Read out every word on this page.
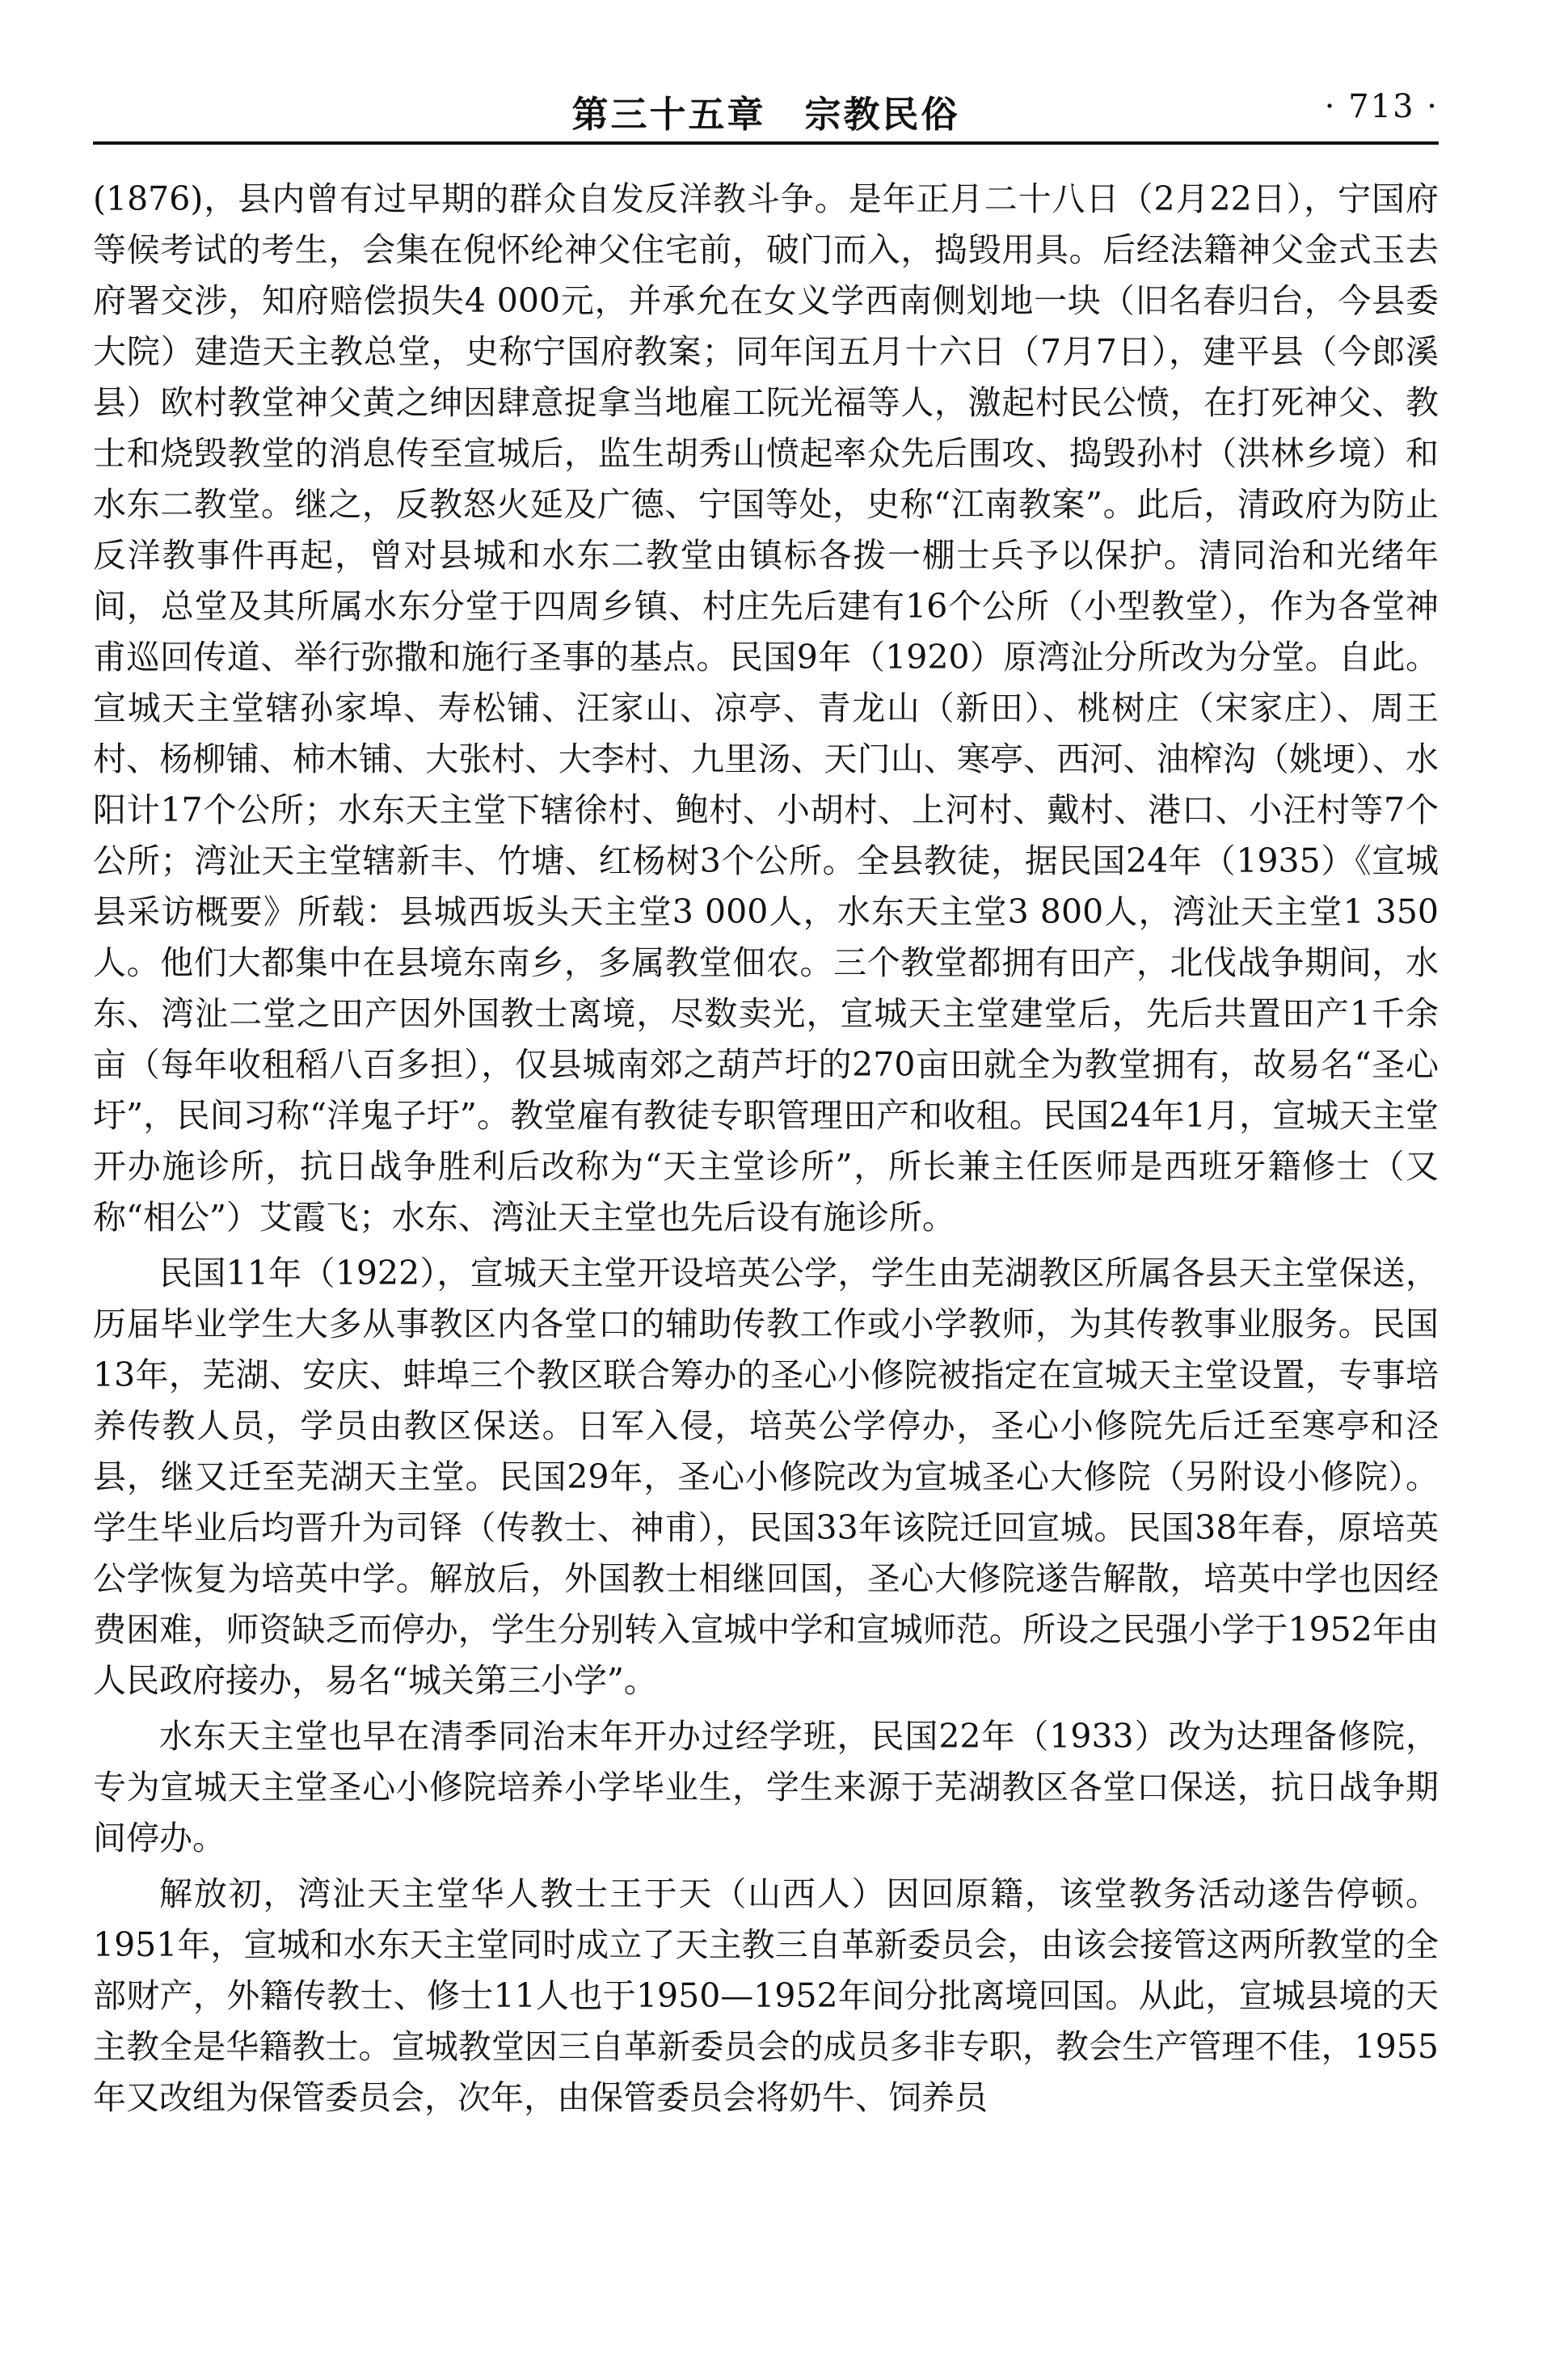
第三十五章　宗教民俗	· 713 ·

(1876)，县内曾有过早期的群众自发反洋教斗争。是年正月二十八日（2月22日），宁国府等候考试的考生，会集在倪怀纶神父住宅前，破门而入，捣毁用具。后经法籍神父金式玉去府署交涉，知府赔偿损失4 000元，并承允在女义学西南侧划地一块（旧名春归台，今县委大院）建造天主教总堂，史称宁国府教案；同年闰五月十六日（7月7日），建平县（今郎溪县）欧村教堂神父黄之绅因肆意捉拿当地雇工阮光福等人，激起村民公愤，在打死神父、教士和烧毁教堂的消息传至宣城后，监生胡秀山愤起率众先后围攻、捣毁孙村（洪林乡境）和水东二教堂。继之，反教怒火延及广德、宁国等处，史称“江南教案”。此后，清政府为防止反洋教事件再起，曾对县城和水东二教堂由镇标各拨一棚士兵予以保护。清同治和光绪年间，总堂及其所属水东分堂于四周乡镇、村庄先后建有16个公所（小型教堂），作为各堂神甫巡回传道、举行弥撒和施行圣事的基点。民国9年（1920）原湾沚分所改为分堂。自此。宣城天主堂辖孙家埠、寿松铺、汪家山、凉亭、青龙山（新田）、桃树庄（宋家庄）、周王村、杨柳铺、柿木铺、大张村、大李村、九里汤、天门山、寒亭、西河、油榨沟（姚埂）、水阳计17个公所；水东天主堂下辖徐村、鲍村、小胡村、上河村、戴村、港口、小汪村等7个公所；湾沚天主堂辖新丰、竹塘、红杨树3个公所。全县教徒，据民国24年（1935）《宣城县采访概要》所载：县城西坂头天主堂3 000人，水东天主堂3 800人，湾沚天主堂1 350人。他们大都集中在县境东南乡，多属教堂佃农。三个教堂都拥有田产，北伐战争期间，水东、湾沚二堂之田产因外国教士离境，尽数卖光，宣城天主堂建堂后，先后共置田产1千余亩（每年收租稻八百多担），仅县城南郊之葫芦圩的270亩田就全为教堂拥有，故易名“圣心圩”，民间习称“洋鬼子圩”。教堂雇有教徒专职管理田产和收租。民国24年1月，宣城天主堂开办施诊所，抗日战争胜利后改称为“天主堂诊所”，所长兼主任医师是西班牙籍修士（又称“相公”）艾霞飞；水东、湾沚天主堂也先后设有施诊所。

民国11年（1922），宣城天主堂开设培英公学，学生由芜湖教区所属各县天主堂保送，历届毕业学生大多从事教区内各堂口的辅助传教工作或小学教师，为其传教事业服务。民国13年，芜湖、安庆、蚌埠三个教区联合筹办的圣心小修院被指定在宣城天主堂设置，专事培养传教人员，学员由教区保送。日军入侵，培英公学停办，圣心小修院先后迁至寒亭和泾县，继又迁至芜湖天主堂。民国29年，圣心小修院改为宣城圣心大修院（另附设小修院）。学生毕业后均晋升为司铎（传教士、神甫），民国33年该院迁回宣城。民国38年春，原培英公学恢复为培英中学。解放后，外国教士相继回国，圣心大修院遂告解散，培英中学也因经费困难，师资缺乏而停办，学生分别转入宣城中学和宣城师范。所设之民强小学于1952年由人民政府接办，易名“城关第三小学”。

水东天主堂也早在清季同治末年开办过经学班，民国22年（1933）改为达理备修院，专为宣城天主堂圣心小修院培养小学毕业生，学生来源于芜湖教区各堂口保送，抗日战争期间停办。

解放初，湾沚天主堂华人教士王于天（山西人）因回原籍，该堂教务活动遂告停顿。1951年，宣城和水东天主堂同时成立了天主教三自革新委员会，由该会接管这两所教堂的全部财产，外籍传教士、修士11人也于1950—1952年间分批离境回国。从此，宣城县境的天主教全是华籍教士。宣城教堂因三自革新委员会的成员多非专职，教会生产管理不佳，1955年又改组为保管委员会，次年，由保管委员会将奶牛、饲养员
